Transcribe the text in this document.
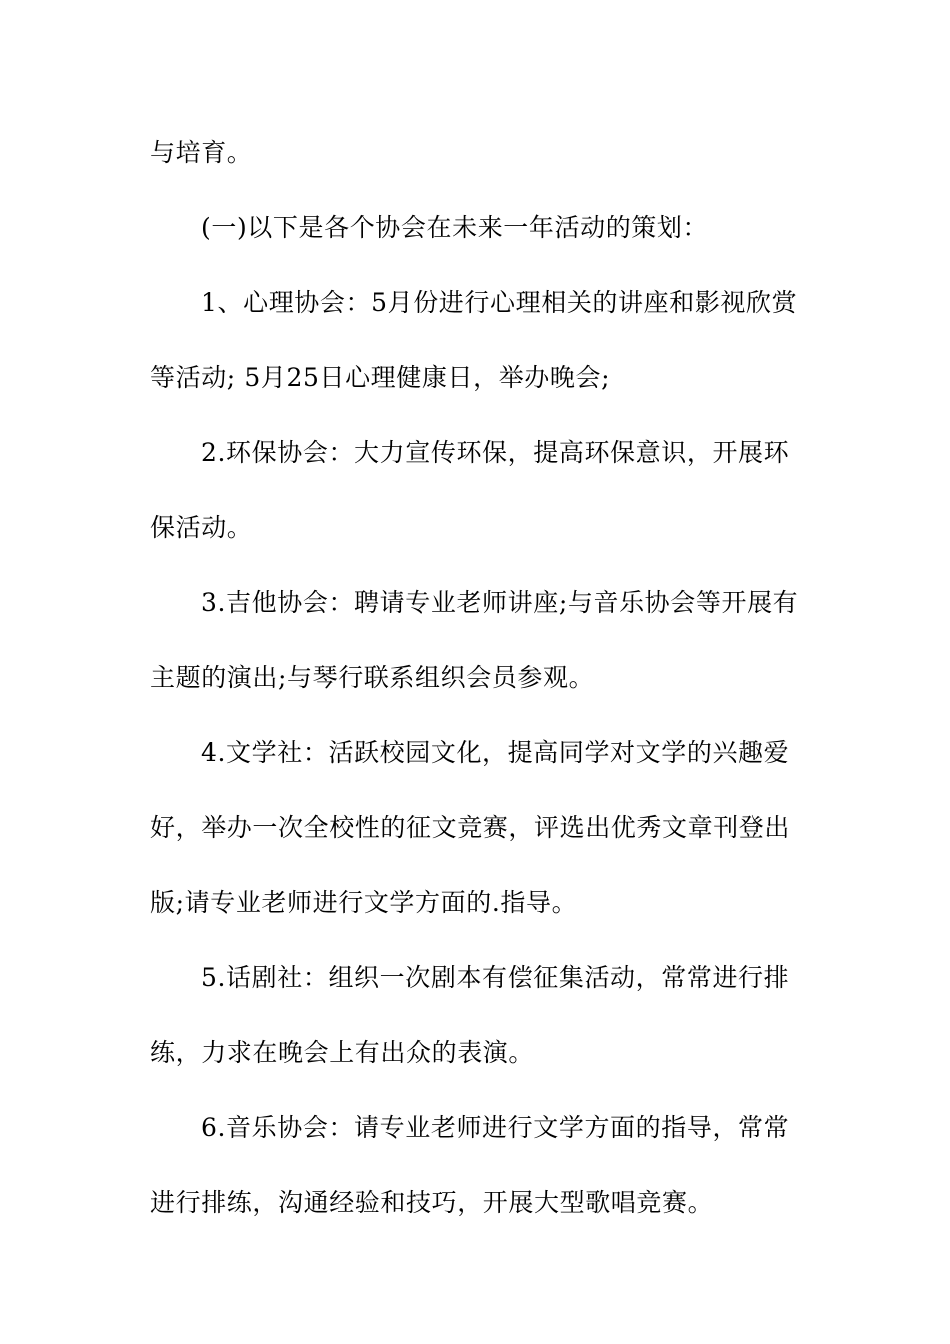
与培育。
(一)以下是各个协会在未来一年活动的策划：
1、心理协会：5月份进行心理相关的讲座和影视欣赏
等活动; 5月25日心理健康日，举办晚会;
2.环保协会：大力宣传环保，提高环保意识，开展环
保活动。
3.吉他协会：聘请专业老师讲座;与音乐协会等开展有
主题的演出;与琴行联系组织会员参观。
4.文学社：活跃校园文化，提高同学对文学的兴趣爱
好，举办一次全校性的征文竞赛，评选出优秀文章刊登出
版;请专业老师进行文学方面的.指导。
5.话剧社：组织一次剧本有偿征集活动，常常进行排
练，力求在晚会上有出众的表演。
6.音乐协会：请专业老师进行文学方面的指导，常常
进行排练，沟通经验和技巧，开展大型歌唱竞赛。
